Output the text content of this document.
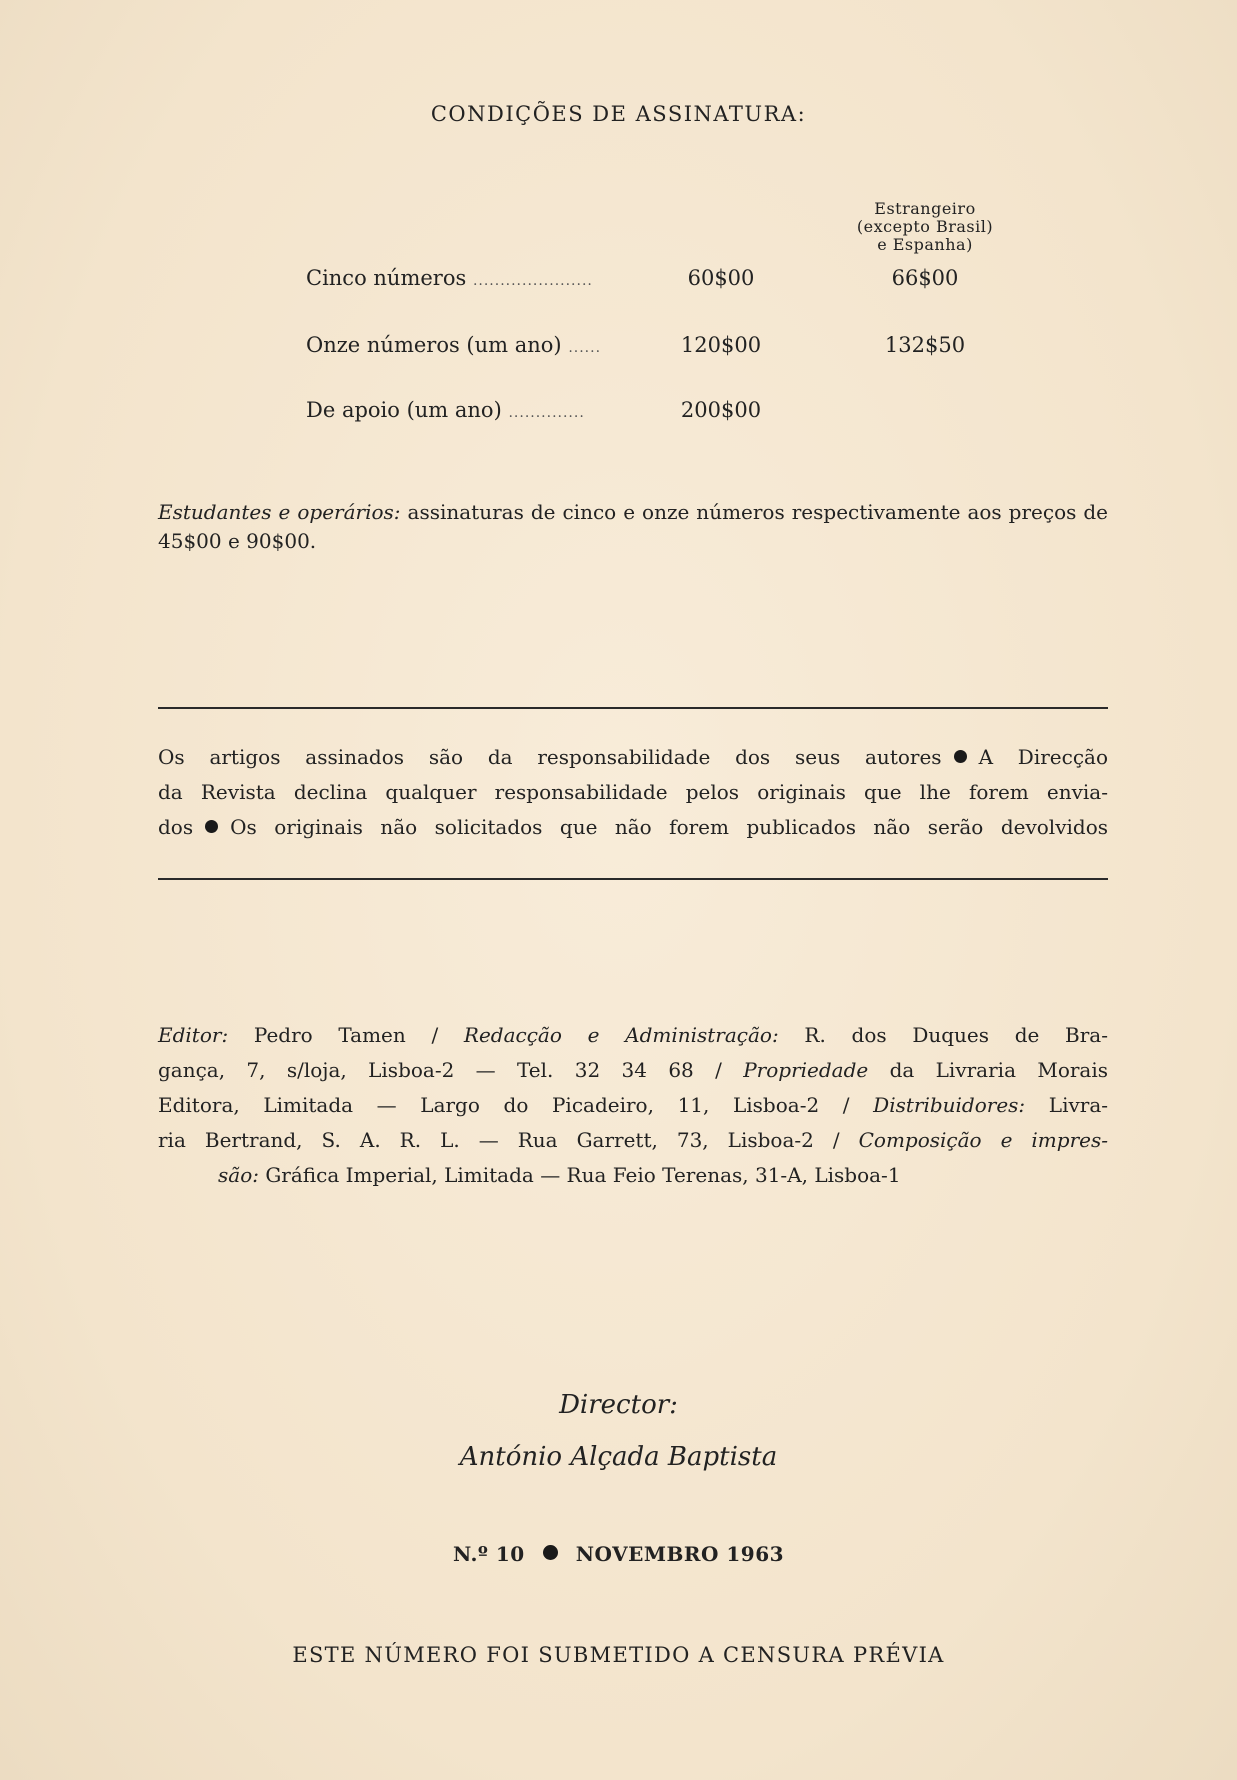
CONDIÇÕES DE ASSINATURA:
Estrangeiro
(excepto Brasil)
e Espanha)
Cinco números ......................	60$00	66$00
Onze números (um ano) ......	120$00	132$50
De apoio (um ano) ..............	200$00
Estudantes e operários: assinaturas de cinco e onze números respectivamente aos preços de 45$00 e 90$00.
Os artigos assinados são da responsabilidade dos seus autores A Direcção
da Revista declina qualquer responsabilidade pelos originais que lhe forem envia-
dos Os originais não solicitados que não forem publicados não serão devolvidos
Editor: Pedro Tamen / Redacção e Administração: R. dos Duques de Bra-
gança, 7, s/loja, Lisboa-2 — Tel. 32 34 68 / Propriedade da Livraria Morais
Editora, Limitada — Largo do Picadeiro, 11, Lisboa-2 / Distribuidores: Livra-
ria Bertrand, S. A. R. L. — Rua Garrett, 73, Lisboa-2 / Composição e impres-
são: Gráfica Imperial, Limitada — Rua Feio Terenas, 31-A, Lisboa-1
Director:
António Alçada Baptista
N.º 10	NOVEMBRO 1963
ESTE NÚMERO FOI SUBMETIDO A CENSURA PRÉVIA
